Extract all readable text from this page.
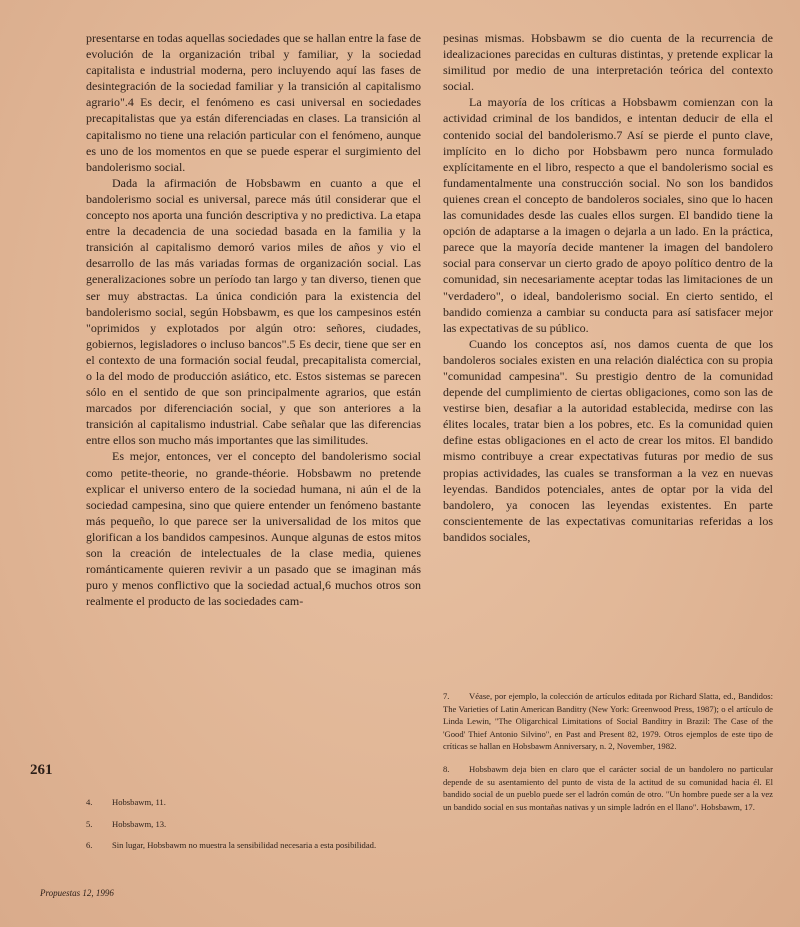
presentarse en todas aquellas sociedades que se hallan entre la fase de evolución de la organización tribal y familiar, y la sociedad capitalista e industrial moderna, pero incluyendo aquí las fases de desintegración de la sociedad familiar y la transición al capitalismo agrario".4 Es decir, el fenómeno es casi universal en sociedades precapitalistas que ya están diferenciadas en clases. La transición al capitalismo no tiene una relación particular con el fenómeno, aunque es uno de los momentos en que se puede esperar el surgimiento del bandolerismo social.

Dada la afirmación de Hobsbawm en cuanto a que el bandolerismo social es universal, parece más útil considerar que el concepto nos aporta una función descriptiva y no predictiva. La etapa entre la decadencia de una sociedad basada en la familia y la transición al capitalismo demoró varios miles de años y vio el desarrollo de las más variadas formas de organización social. Las generalizaciones sobre un período tan largo y tan diverso, tienen que ser muy abstractas. La única condición para la existencia del bandolerismo social, según Hobsbawm, es que los campesinos estén "oprimidos y explotados por algún otro: señores, ciudades, gobiernos, legisladores o incluso bancos".5 Es decir, tiene que ser en el contexto de una formación social feudal, precapitalista comercial, o la del modo de producción asiático, etc. Estos sistemas se parecen sólo en el sentido de que son principalmente agrarios, que están marcados por diferenciación social, y que son anteriores a la transición al capitalismo industrial. Cabe señalar que las diferencias entre ellos son mucho más importantes que las similitudes.

Es mejor, entonces, ver el concepto del bandolerismo social como petite-theorie, no grande-théorie. Hobsbawm no pretende explicar el universo entero de la sociedad humana, ni aún el de la sociedad campesina, sino que quiere entender un fenómeno bastante más pequeño, lo que parece ser la universalidad de los mitos que glorifican a los bandidos campesinos. Aunque algunas de estos mitos son la creación de intelectuales de la clase media, quienes románticamente quieren revivir a un pasado que se imaginan más puro y menos conflictivo que la sociedad actual,6 muchos otros son realmente el producto de las sociedades cam-

pesinas mismas. Hobsbawm se dio cuenta de la recurrencia de idealizaciones parecidas en culturas distintas, y pretende explicar la similitud por medio de una interpretación teórica del contexto social.

La mayoría de los críticas a Hobsbawm comienzan con la actividad criminal de los bandidos, e intentan deducir de ella el contenido social del bandolerismo.7 Así se pierde el punto clave, implícito en lo dicho por Hobsbawm pero nunca formulado explícitamente en el libro, respecto a que el bandolerismo social es fundamentalmente una construcción social. No son los bandidos quienes crean el concepto de bandoleros sociales, sino que lo hacen las comunidades desde las cuales ellos surgen. El bandido tiene la opción de adaptarse a la imagen o dejarla a un lado. En la práctica, parece que la mayoría decide mantener la imagen del bandolero social para conservar un cierto grado de apoyo político dentro de la comunidad, sin necesariamente aceptar todas las limitaciones de un "verdadero", o ideal, bandolerismo social. En cierto sentido, el bandido comienza a cambiar su conducta para así satisfacer mejor las expectativas de su público.

Cuando los conceptos así, nos damos cuenta de que los bandoleros sociales existen en una relación dialéctica con su propia "comunidad campesina". Su prestigio dentro de la comunidad depende del cumplimiento de ciertas obligaciones, como son las de vestirse bien, desafiar a la autoridad establecida, medirse con las élites locales, tratar bien a los pobres, etc. Es la comunidad quien define estas obligaciones en el acto de crear los mitos. El bandido mismo contribuye a crear expectativas futuras por medio de sus propias actividades, las cuales se transforman a la vez en nuevas leyendas. Bandidos potenciales, antes de optar por la vida del bandolero, ya conocen las leyendas existentes. En parte conscientemente de las expectativas comunitarias referidas a los bandidos sociales,

261

4. Hobsbawm, 11.

5. Hobsbawm, 13.

6. Sin lugar, Hobsbawm no muestra la sensibilidad necesaria a esta posibilidad.

7. Véase, por ejemplo, la colección de artículos editada por Richard Slatta, ed., Bandidos: The Varieties of Latin American Banditry (New York: Greenwood Press, 1987); o el artículo de Linda Lewin, "The Oligarchical Limitations of Social Banditry in Brazil: The Case of the 'Good' Thief Antonio Silvino", en Past and Present 82, 1979. Otros ejemplos de este tipo de críticas se hallan en Hobsbawm Anniversary, n. 2, November, 1982.

8. Hobsbawm deja bien en claro que el carácter social de un bandolero no particular depende de su asentamiento del punto de vista de la actitud de su comunidad hacia él. El bandido social de un pueblo puede ser el ladrón común de otro. "Un hombre puede ser a la vez un bandido social en sus montañas nativas y un simple ladrón en el llano". Hobsbawm, 17.

Propuestas 12, 1996
